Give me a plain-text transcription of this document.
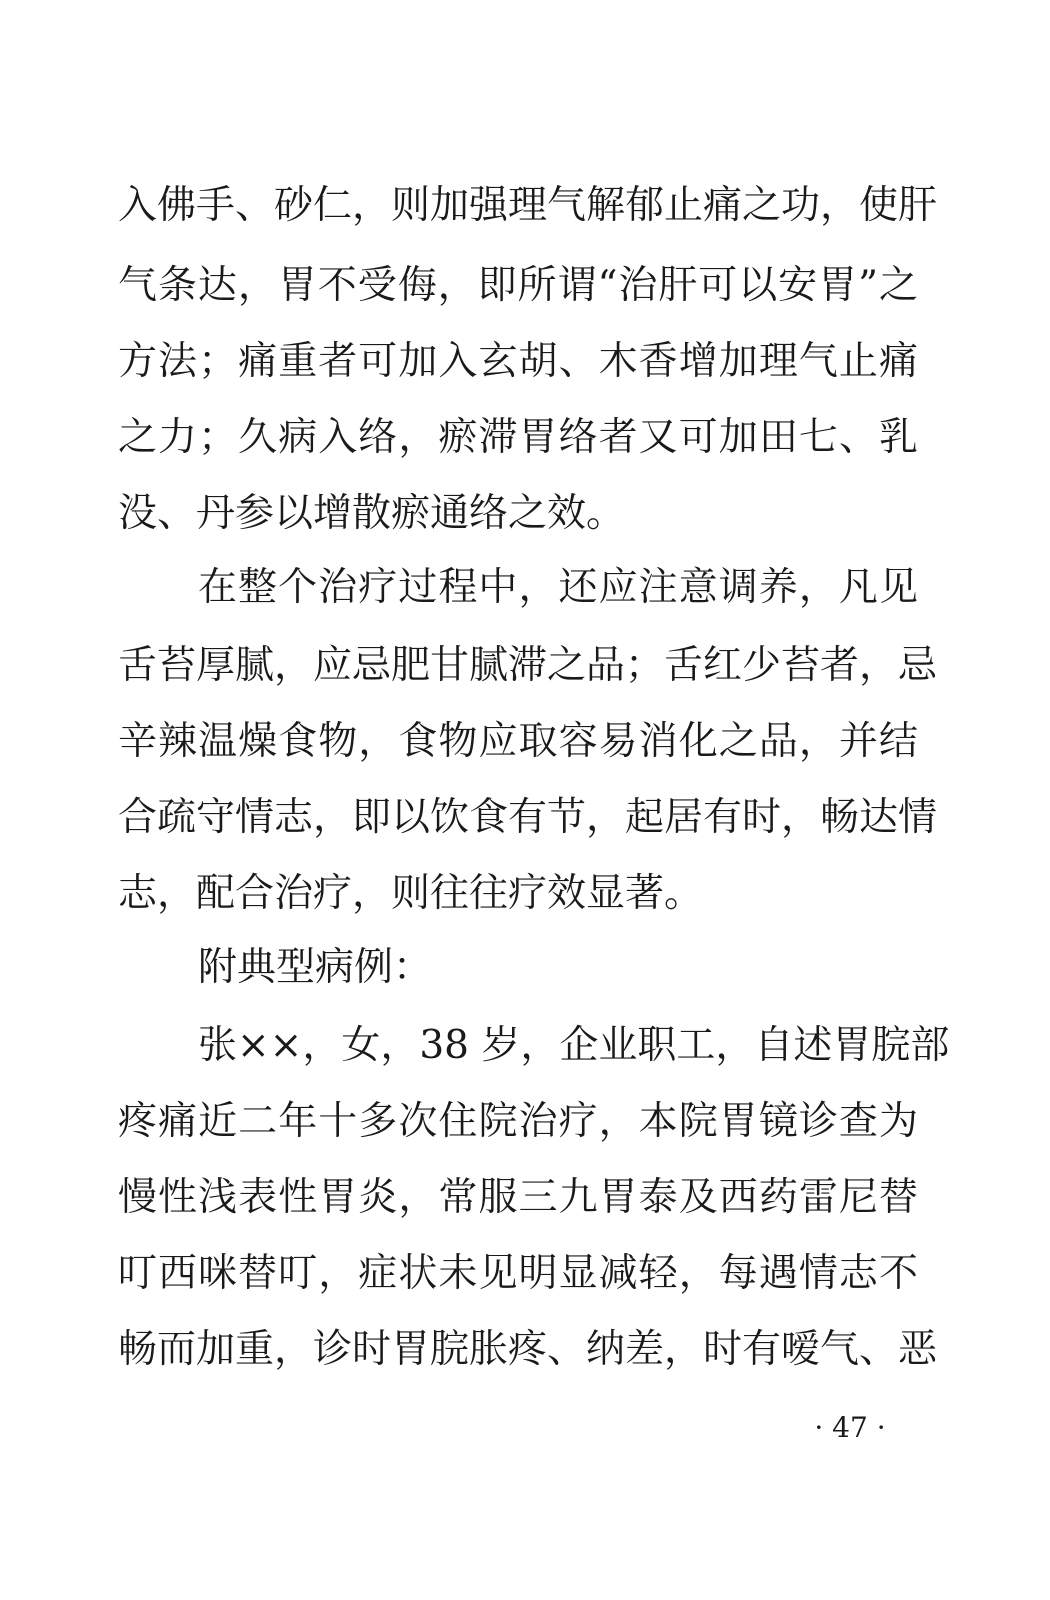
入佛手、砂仁，则加强理气解郁止痛之功，使肝
气条达，胃不受侮，即所谓“治肝可以安胃”之
方法；痛重者可加入玄胡、木香增加理气止痛
之力；久病入络，瘀滞胃络者又可加田七、乳
没、丹参以增散瘀通络之效。
在整个治疗过程中，还应注意调养，凡见
舌苔厚腻，应忌肥甘腻滞之品；舌红少苔者，忌
辛辣温燥食物，食物应取容易消化之品，并结
合疏守情志，即以饮食有节，起居有时，畅达情
志，配合治疗，则往往疗效显著。
附典型病例：
张××，女，38 岁，企业职工，自述胃脘部
疼痛近二年十多次住院治疗，本院胃镜诊查为
慢性浅表性胃炎，常服三九胃泰及西药雷尼替
叮西咪替叮，症状未见明显减轻，每遇情志不
畅而加重，诊时胃脘胀疼、纳差，时有嗳气、恶
· 47 ·
